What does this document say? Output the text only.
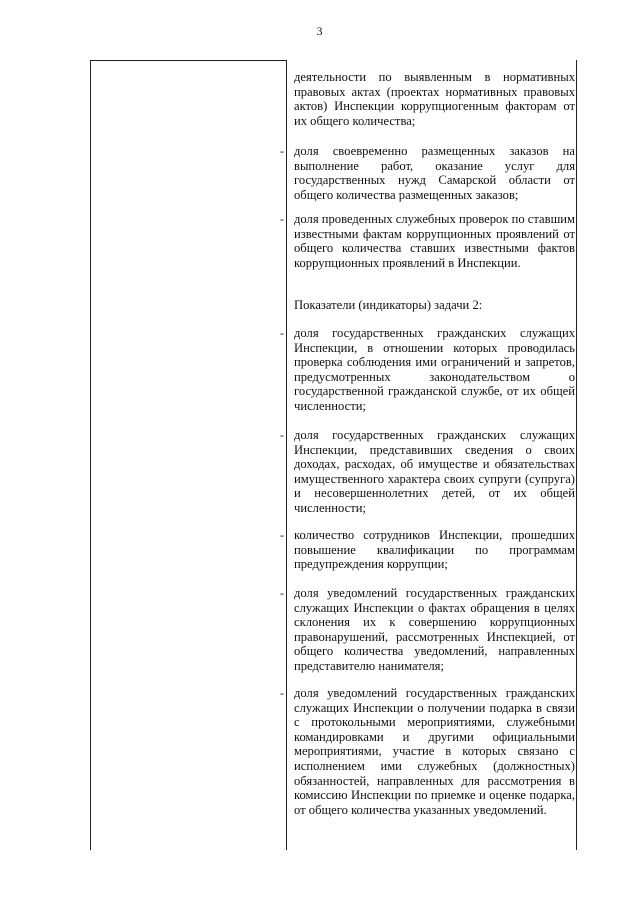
3

деятельности по выявленным в нормативных правовых актах (проектах нормативных правовых актов) Инспекции коррупциогенным факторам от их общего количества;

- доля своевременно размещенных заказов на выполнение работ, оказание услуг для государственных нужд Самарской области от общего количества размещенных заказов;

- доля проведенных служебных проверок по ставшим известными фактам коррупционных проявлений от общего количества ставших известными фактов коррупционных проявлений в Инспекции.

Показатели (индикаторы) задачи 2:

- доля государственных гражданских служащих Инспекции, в отношении которых проводилась проверка соблюдения ими ограничений и запретов, предусмотренных законодательством о государственной гражданской службе, от их общей численности;

- доля государственных гражданских служащих Инспекции, представивших сведения о своих доходах, расходах, об имуществе и обязательствах имущественного характера своих супруги (супруга) и несовершеннолетних детей, от их общей численности;

- количество сотрудников Инспекции, прошедших повышение квалификации по программам предупреждения коррупции;

- доля уведомлений государственных гражданских служащих Инспекции о фактах обращения в целях склонения их к совершению коррупционных правонарушений, рассмотренных Инспекцией, от общего количества уведомлений, направленных представителю нанимателя;

- доля уведомлений государственных гражданских служащих Инспекции о получении подарка в связи с протокольными мероприятиями, служебными командировками и другими официальными мероприятиями, участие в которых связано с исполнением ими служебных (должностных) обязанностей, направленных для рассмотрения в комиссию Инспекции по приемке и оценке подарка, от общего количества указанных уведомлений.
